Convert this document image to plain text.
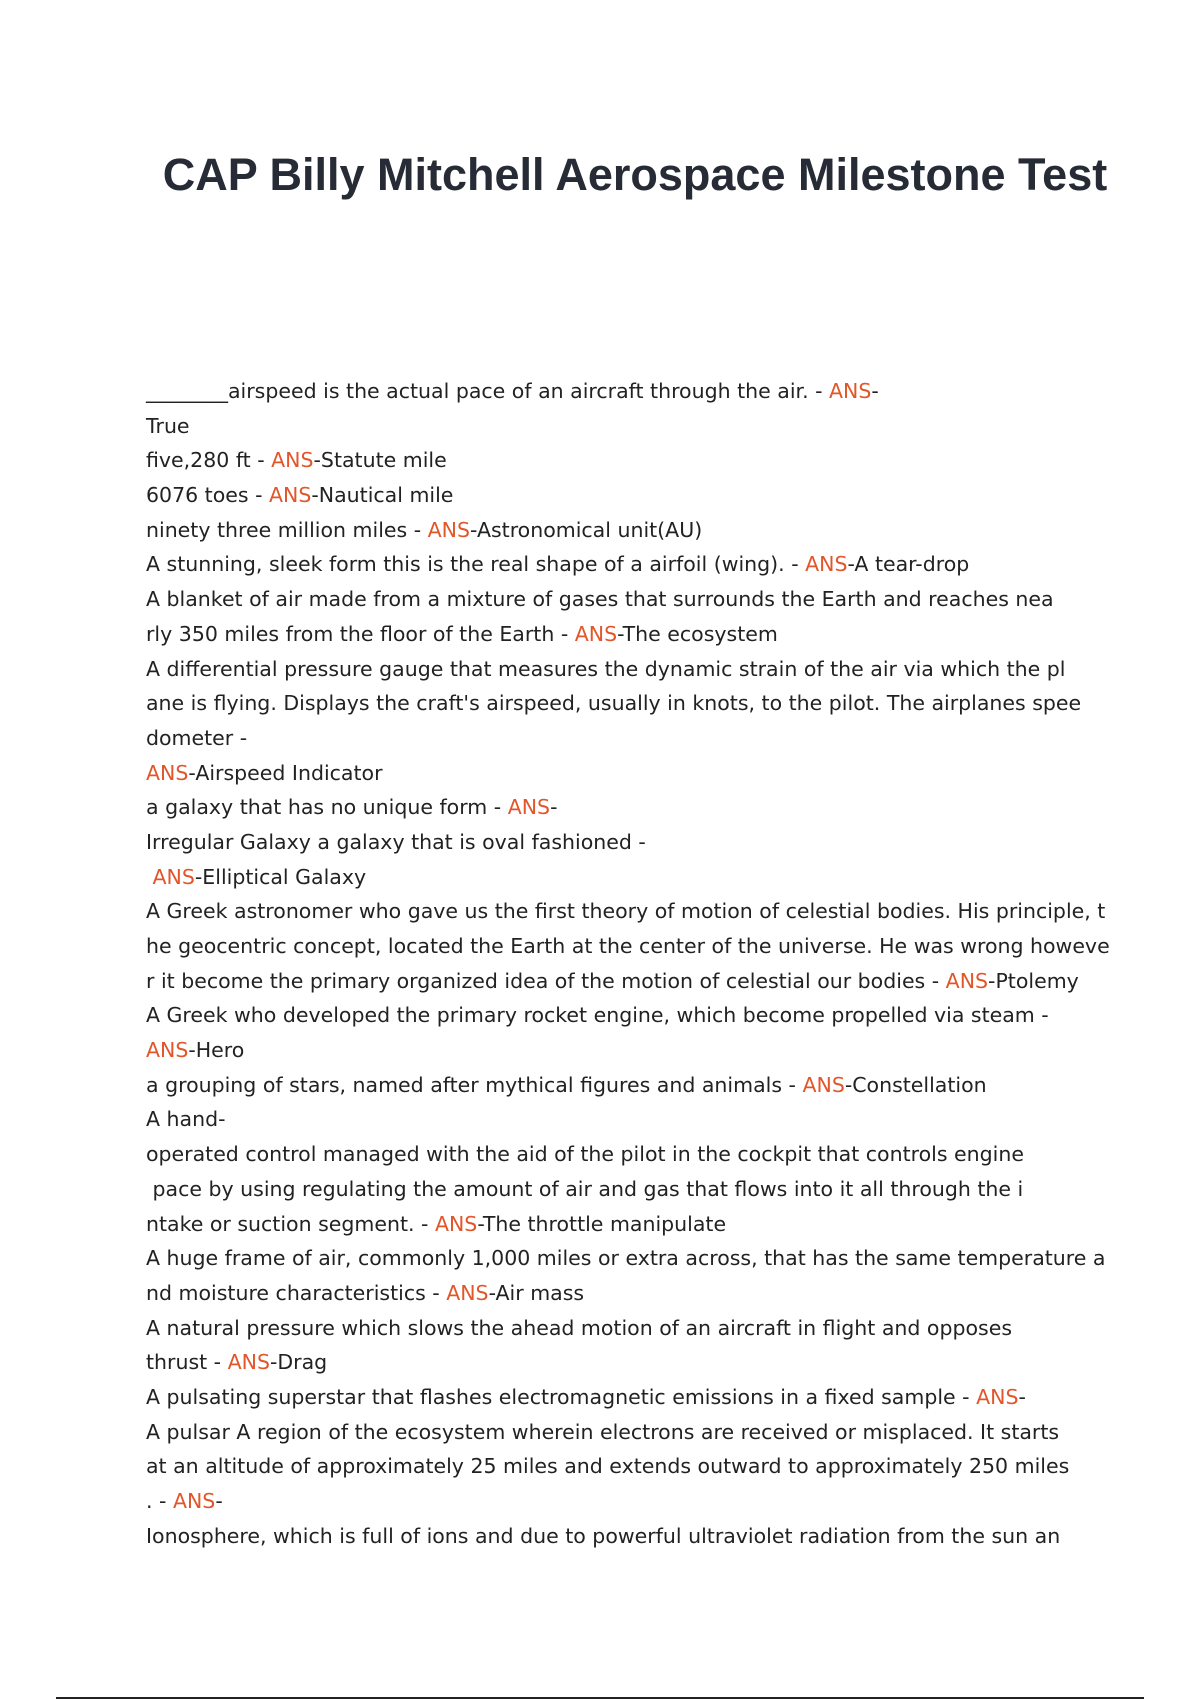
CAP Billy Mitchell Aerospace Milestone Test
________airspeed is the actual pace of an aircraft through the air. - ANS-
True
five,280 ft - ANS-Statute mile
6076 toes - ANS-Nautical mile
ninety three million miles - ANS-Astronomical unit(AU)
A stunning, sleek form this is the real shape of a airfoil (wing). - ANS-A tear-drop
A blanket of air made from a mixture of gases that surrounds the Earth and reaches nea
rly 350 miles from the floor of the Earth - ANS-The ecosystem
A differential pressure gauge that measures the dynamic strain of the air via which the pl
ane is flying. Displays the craft's airspeed, usually in knots, to the pilot. The airplanes spee
dometer -
ANS-Airspeed Indicator
a galaxy that has no unique form - ANS-
Irregular Galaxy a galaxy that is oval fashioned -
ANS-Elliptical Galaxy
A Greek astronomer who gave us the first theory of motion of celestial bodies. His principle, t
he geocentric concept, located the Earth at the center of the universe. He was wrong howeve
r it become the primary organized idea of the motion of celestial our bodies - ANS-Ptolemy
A Greek who developed the primary rocket engine, which become propelled via steam -
ANS-Hero
a grouping of stars, named after mythical figures and animals - ANS-Constellation
A hand-
operated control managed with the aid of the pilot in the cockpit that controls engine
pace by using regulating the amount of air and gas that flows into it all through the i
ntake or suction segment. - ANS-The throttle manipulate
A huge frame of air, commonly 1,000 miles or extra across, that has the same temperature a
nd moisture characteristics - ANS-Air mass
A natural pressure which slows the ahead motion of an aircraft in flight and opposes
thrust - ANS-Drag
A pulsating superstar that flashes electromagnetic emissions in a fixed sample - ANS-
A pulsar A region of the ecosystem wherein electrons are received or misplaced. It starts
at an altitude of approximately 25 miles and extends outward to approximately 250 miles
. - ANS-
Ionosphere, which is full of ions and due to powerful ultraviolet radiation from the sun an
